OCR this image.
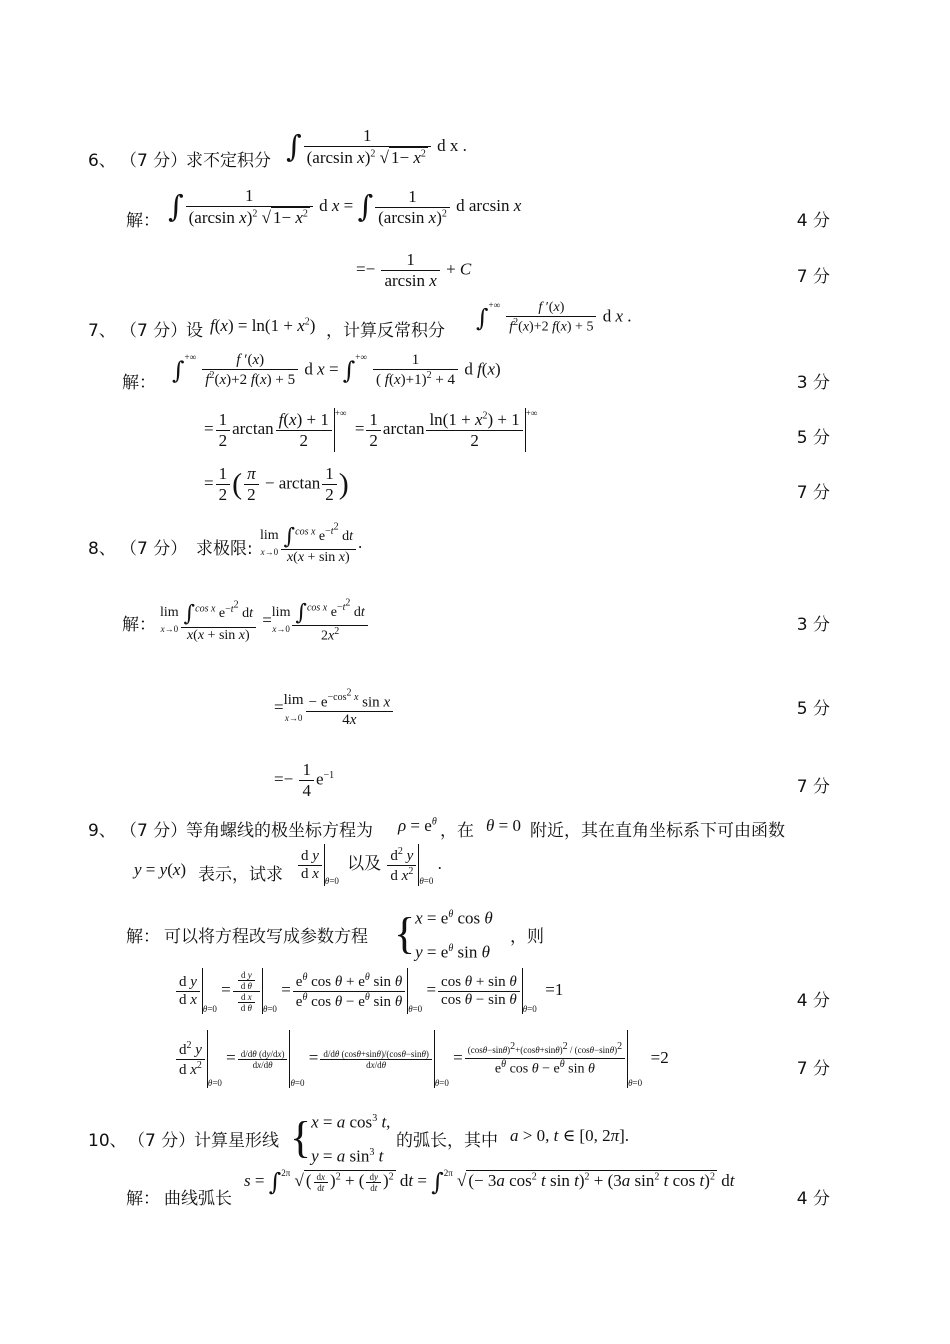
6、 （7 分）
求不定积分 ∫ $\frac{1}{(\arcsin x)^2 √ 1- x^2}$ d x .
解： ∫ $\frac{1}{(\arcsin x)^2 √ 1- x^2}$ d x = ∫ $\frac{1}{(\arcsin x)^2}$ d arcsin x
4 分
=− $\frac{1}{\text{arcsin x}} + C$	7 分
7、 （7 分）
设 $f(x) = \ln(1 + x^2)$ ，计算反常积分 $\int^{+\infty} \frac{f '(x)}{f^2(x)+2 f(x) + 5}$ d x .
解： $\int^{+\infty} \frac{f '(x)}{f^2(x)+2 f(x) + 5}$ d $x = \int^{+\infty} \frac{1}{( f(x)+1)^2 + 4}$ d f(x)
3 分
= $\frac{1}{2}$ $\arctan \frac{f(x) + 1}{2} ^{+\infty} = \frac{1}{2}$ $\arctan \frac{\ln(1 + x^2) + 1}{2} ^{+\infty}$
5 分
= $\frac{1}{2}$ ( $\frac{\pi}{2} - \arctan \frac{1}{2}$ )	7 分
8、 （7 分） 求极限:
lim
$x\to 0 \frac{\int^{cos x} e^{-t^2} dt}{\text{x(x + sin x)}}$ .
解：
lim
$x\to 0 \frac{\int^{cos x} e^{-t^2} dt}{\text{x(x + sin x)}} =\lim$
$x\to 0 \frac{\int^{cos x} e^{-t^2} dt}{2x^2}$	3 分
=lim
$x\to 0 \frac{- e^{-cos^2 x} \sin x}{4x}$	5 分
=− $\frac{1}{4} e^{-1}$
7 分
9、 （7 分）
等角螺线的极坐标方程为 $\rho = e^\theta$ ，在 θ = 0 附近，其在直角坐标系下可由函数
y = y(x) 表示，试求 $\frac{\text{d y}}{\text{d x}} \theta=0$ 以及 $\frac{d^2 y}{d x^2} \theta=0$ .
解： 可以将方程改写成参数方程 {$x = e^\theta$ cos θ
$y = e^\theta$ sin θ
，则
$\frac{\text{d y}}{\text{d x}}$
$\theta=0 = \frac{\frac{\text{d y}}{\text{d θ}}}{\frac{\text{d x}}{\text{d θ}}} \theta=0 = \frac{e^\theta \cos \theta + e^\theta \sin \theta}{e^\theta \cos \theta - e^\theta \sin \theta} \theta=0 = \frac{\text{cos θ + sin θ}}{\text{cos θ − sin θ}}$
θ=0  =1
4 分
$\frac{d^2 y}{d x^2}$
$\theta=0 = \frac{d/d\theta (dy/dx)}{dx/d\theta}$
$\theta=0 = \frac{d/d\theta (\cos\theta+\sin\theta)/(\cos\theta-\sin\theta)}{dx/d\theta}$
$\theta=0 = \frac{(\cos\theta-\sin\theta)^2+(\cos\theta+\sin\theta)^2 / (\cos\theta-\sin\theta)^2}{e^\theta \cos \theta - e^\theta \sin \theta}$
θ=0  =2
7 分
10、 （7 分）
计算星形线 {x = a $\cos^3 t$,
y = a $\sin^3 t$
的弧长，其中 a > 0, t ∈ [0, 2π].
解： 曲线弧长
s = ∫$^{2\pi}$ √ ( $\frac{dx}{dt} )^2$ + ( $\frac{dy}{dt} )^2$ dt = ∫$^{2\pi}$ √ (− 3a $\cos^2 t$ sin t)$^2$ + (3a $\sin^2 t$ cos t)$^2$ dt
4 分
